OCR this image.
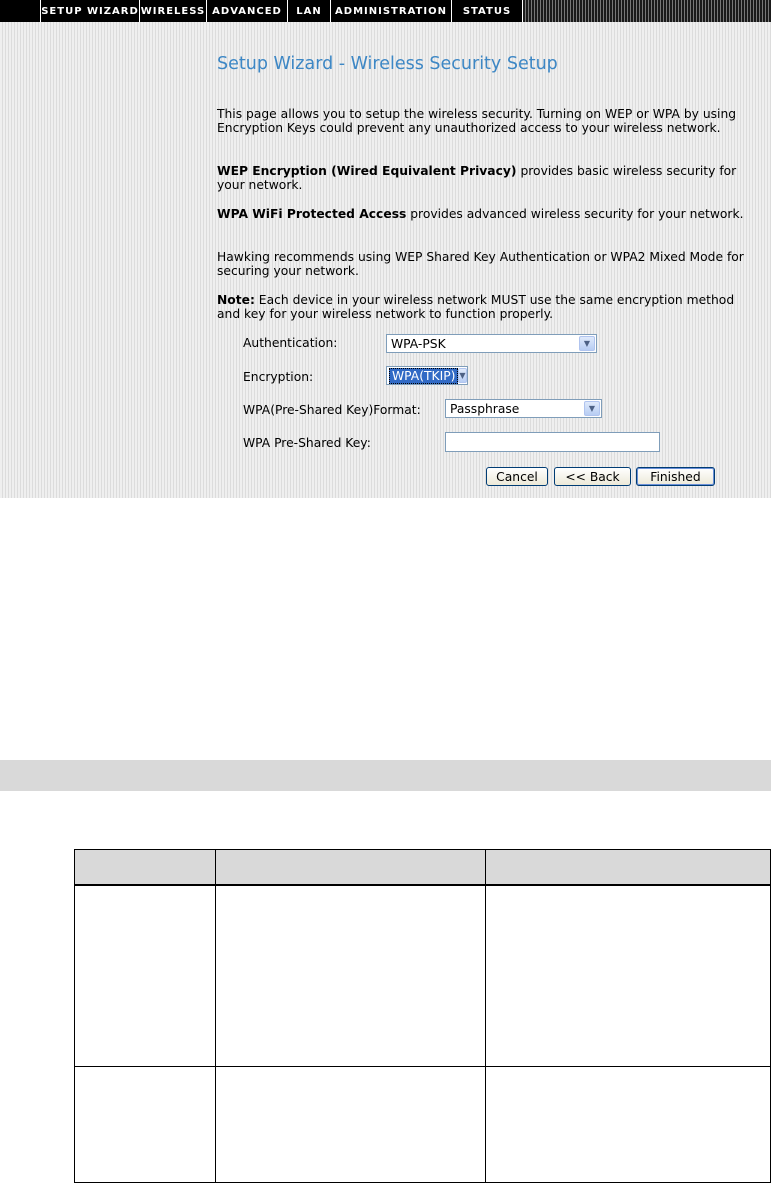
SETUP WIZARD WIRELESS ADVANCED	LAN	ADMINISTRATION	STATUS
Setup Wizard - Wireless Security Setup

This page allows you to setup the wireless security. Turning on WEP or WPA by using Encryption Keys could prevent any unauthorized access to your wireless network.

WEP Encryption (Wired Equivalent Privacy) provides basic wireless security for your network.

WPA WiFi Protected Access provides advanced wireless security for your network.

Hawking recommends using WEP Shared Key Authentication or WPA2 Mixed Mode for securing your network.

Note: Each device in your wireless network MUST use the same encryption method and key for your wireless network to function properly.

Authentication:	WPA-PSK	▼
Encryption:	WPA(TKIP) ▼
WPA(Pre-Shared Key)Format:	Passphrase	▼
WPA Pre-Shared Key:
Cancel	<< Back	Finished
